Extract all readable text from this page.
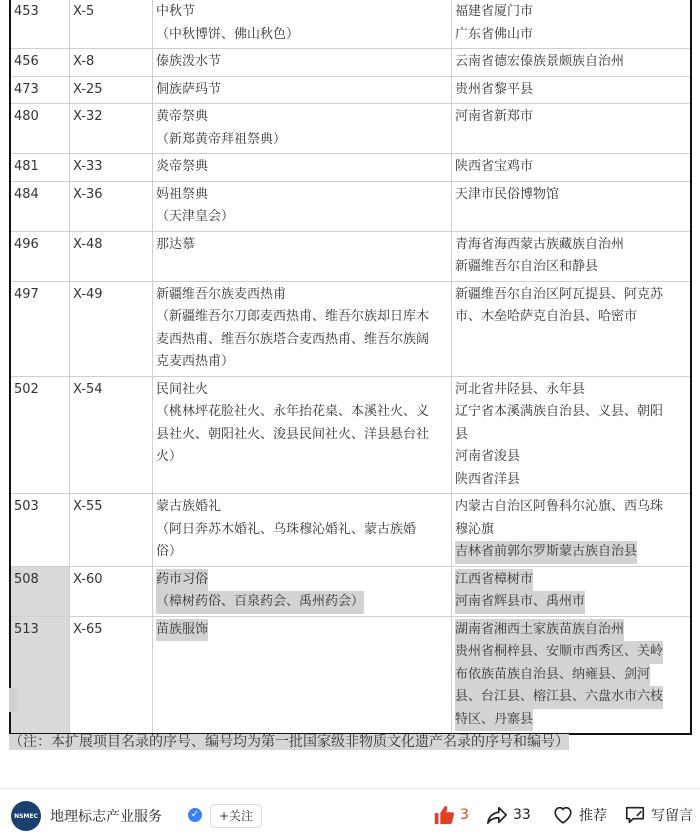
453	X-5	中秋节
（中秋博饼、佛山秋色）	福建省厦门市
广东省佛山市

456	X-8	傣族泼水节	云南省德宏傣族景颇族自治州

473	X-25	侗族萨玛节	贵州省黎平县

480	X-32	黄帝祭典
（新郑黄帝拜祖祭典）	河南省新郑市

481	X-33	炎帝祭典	陕西省宝鸡市

484	X-36	妈祖祭典
（天津皇会）	天津市民俗博物馆

496	X-48	那达慕	青海省海西蒙古族藏族自治州
新疆维吾尔自治区和静县

497	X-49	新疆维吾尔族麦西热甫
（新疆维吾尔刀郎麦西热甫、维吾尔族却日库木
麦西热甫、维吾尔族塔合麦西热甫、维吾尔族阔
克麦西热甫）	新疆维吾尔自治区阿瓦提县、阿克苏
市、木垒哈萨克自治县、哈密市

502	X-54	民间社火
（桃林坪花脸社火、永年抬花桌、本溪社火、义
县社火、朝阳社火、浚县民间社火、洋县悬台社
火）	河北省井陉县、永年县
辽宁省本溪满族自治县、义县、朝阳
县
河南省浚县
陕西省洋县

503	X-55	蒙古族婚礼
（阿日奔苏木婚礼、乌珠穆沁婚礼、蒙古族婚
俗）	内蒙古自治区阿鲁科尔沁旗、西乌珠
穆沁旗
吉林省前郭尔罗斯蒙古族自治县

508	X-60	药市习俗
（樟树药俗、百泉药会、禹州药会）	江西省樟树市
河南省辉县市、禹州市

513	X-65	苗族服饰	湖南省湘西土家族苗族自治州
贵州省桐梓县、安顺市西秀区、关岭
布依族苗族自治县、纳雍县、剑河
县、台江县、榕江县、六盘水市六枝
特区、丹寨县
（注：本扩展项目名录的序号、编号均为第一批国家级非物质文化遗产名录的序号和编号）
NSMEC 地理标志产业服务	✓	+关注	3	33	推荐	写留言
